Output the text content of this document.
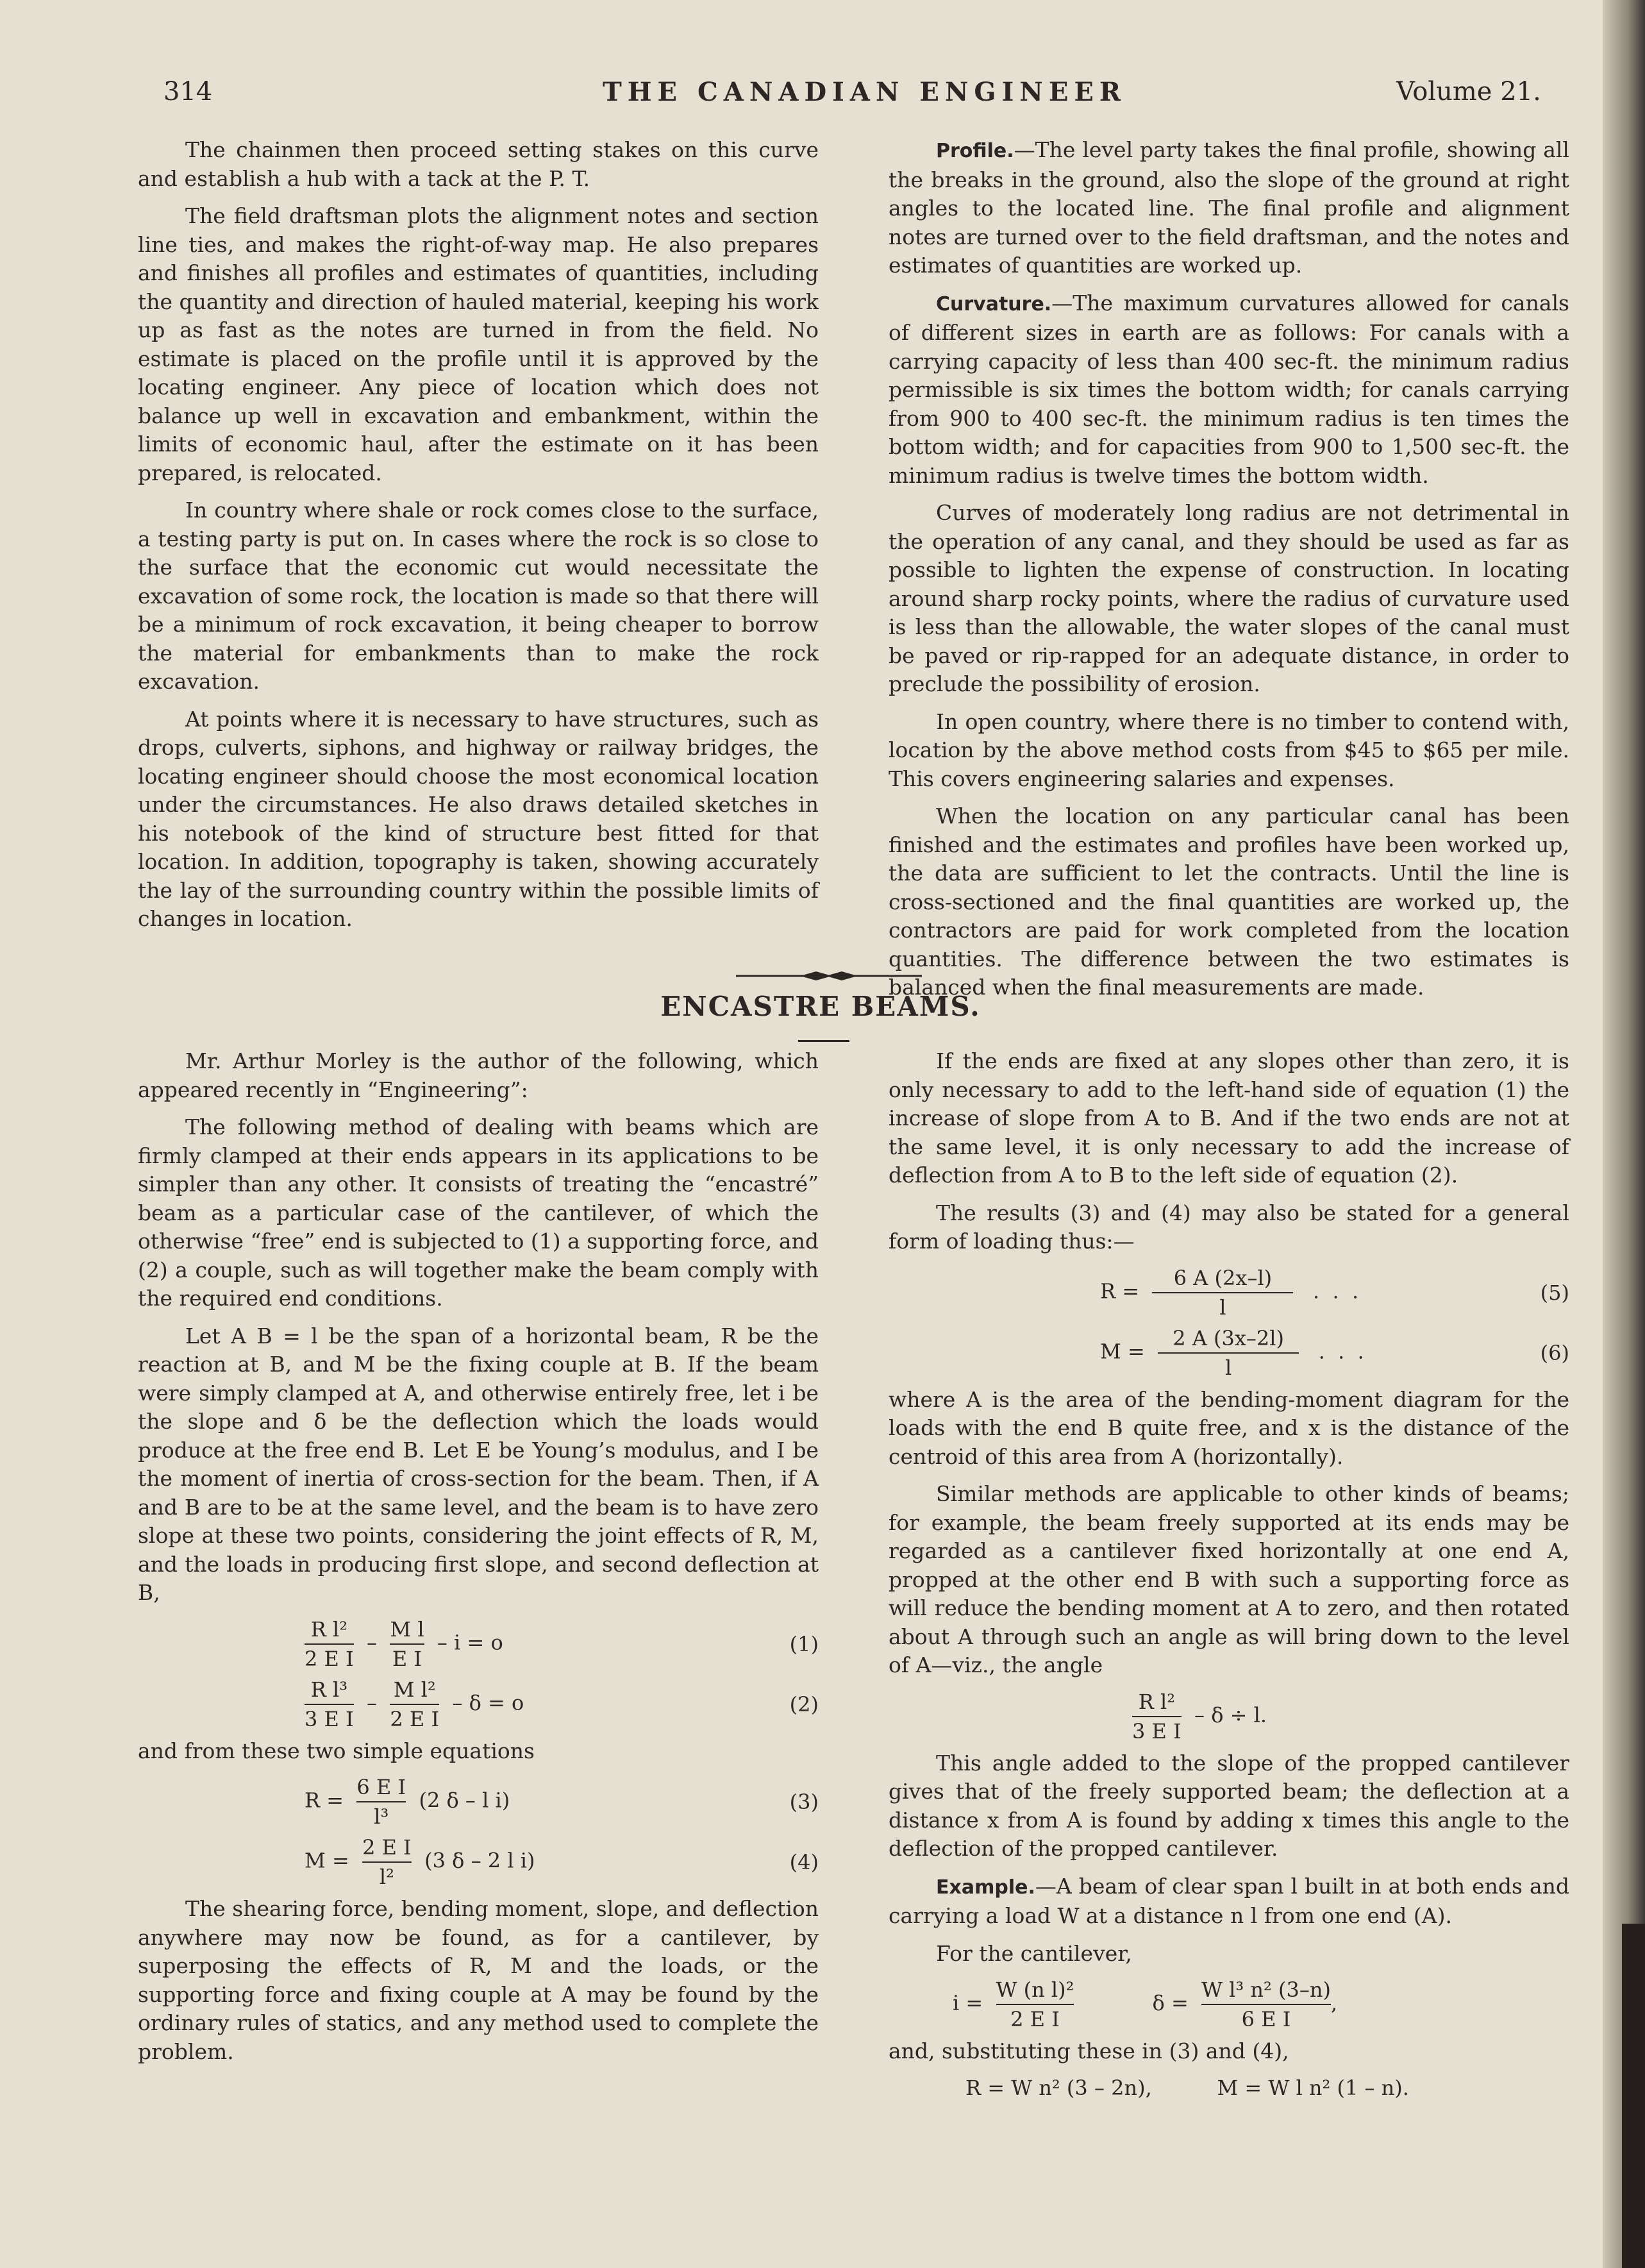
314	THE CANADIAN ENGINEER	Volume 21.

The chainmen then proceed setting stakes on this curve and establish a hub with a tack at the P. T.

The field draftsman plots the alignment notes and section line ties, and makes the right-of-way map. He also prepares and finishes all profiles and estimates of quantities, including the quantity and direction of hauled material, keeping his work up as fast as the notes are turned in from the field. No estimate is placed on the profile until it is approved by the locating engineer. Any piece of location which does not balance up well in excavation and embankment, within the limits of economic haul, after the estimate on it has been prepared, is relocated.

In country where shale or rock comes close to the surface, a testing party is put on. In cases where the rock is so close to the surface that the economic cut would necessitate the excavation of some rock, the location is made so that there will be a minimum of rock excavation, it being cheaper to borrow the material for embankments than to make the rock excavation.

At points where it is necessary to have structures, such as drops, culverts, siphons, and highway or railway bridges, the locating engineer should choose the most economical location under the circumstances. He also draws detailed sketches in his notebook of the kind of structure best fitted for that location. In addition, topography is taken, showing accurately the lay of the surrounding country within the possible limits of changes in location.

Profile.—The level party takes the final profile, showing all the breaks in the ground, also the slope of the ground at right angles to the located line. The final profile and alignment notes are turned over to the field draftsman, and the notes and estimates of quantities are worked up.

Curvature.—The maximum curvatures allowed for canals of different sizes in earth are as follows: For canals with a carrying capacity of less than 400 sec-ft. the minimum radius permissible is six times the bottom width; for canals carrying from 900 to 400 sec-ft. the minimum radius is ten times the bottom width; and for capacities from 900 to 1,500 sec-ft. the minimum radius is twelve times the bottom width.

Curves of moderately long radius are not detrimental in the operation of any canal, and they should be used as far as possible to lighten the expense of construction. In locating around sharp rocky points, where the radius of curvature used is less than the allowable, the water slopes of the canal must be paved or rip-rapped for an adequate distance, in order to preclude the possibility of erosion.

In open country, where there is no timber to contend with, location by the above method costs from $45 to $65 per mile. This covers engineering salaries and expenses.

When the location on any particular canal has been finished and the estimates and profiles have been worked up, the data are sufficient to let the contracts. Until the line is cross-sectioned and the final quantities are worked up, the contractors are paid for work completed from the location quantities. The difference between the two estimates is balanced when the final measurements are made.

ENCASTRE BEAMS.

Mr. Arthur Morley is the author of the following, which appeared recently in “Engineering”:

The following method of dealing with beams which are firmly clamped at their ends appears in its applications to be simpler than any other. It consists of treating the “encastré” beam as a particular case of the cantilever, of which the otherwise “free” end is subjected to (1) a supporting force, and (2) a couple, such as will together make the beam comply with the required end conditions.

Let A B = l be the span of a horizontal beam, R be the reaction at B, and M be the fixing couple at B. If the beam were simply clamped at A, and otherwise entirely free, let i be the slope and δ be the deflection which the loads would produce at the free end B. Let E be Young’s modulus, and I be the moment of inertia of cross-section for the beam. Then, if A and B are to be at the same level, and the beam is to have zero slope at these two points, considering the joint effects of R, M, and the loads in producing first slope, and second deflection at B,

$\frac{\text{R l²}}{\text{2 E I}} - \frac{\text{M l}}{\text{E I}} - i = o$	(1)
$\frac{\text{R l³}}{\text{3 E I}} - \frac{\text{M l²}}{\text{2 E I}} - \delta = o$	(2)

and from these two simple equations

$R = \frac{\text{6 E I}}{\text{l³}} (2$ δ – l i)	(3)
$M = \frac{\text{2 E I}}{\text{l²}} (3$ δ – 2 l i)	(4)

The shearing force, bending moment, slope, and deflection anywhere may now be found, as for a cantilever, by superposing the effects of R, M and the loads, or the supporting force and fixing couple at A may be found by the ordinary rules of statics, and any method used to complete the problem.

If the ends are fixed at any slopes other than zero, it is only necessary to add to the left-hand side of equation (1) the increase of slope from A to B. And if the two ends are not at the same level, it is only necessary to add the increase of deflection from A to B to the left side of equation (2).

The results (3) and (4) may also be stated for a general form of loading thus:—

$R = \frac{6 A (2x-l)}{l}$ .  .  .	(5)
$M = \frac{2 A (3x-2l)}{l}$ .  .  .	(6)

where A is the area of the bending-moment diagram for the loads with the end B quite free, and x is the distance of the centroid of this area from A (horizontally).

Similar methods are applicable to other kinds of beams; for example, the beam freely supported at its ends may be regarded as a cantilever fixed horizontally at one end A, propped at the other end B with such a supporting force as will reduce the bending moment at A to zero, and then rotated about A through such an angle as will bring down to the level of A—viz., the angle

$\frac{\text{R l²}}{\text{3 E I}} - \delta \div l$.

This angle added to the slope of the propped cantilever gives that of the freely supported beam; the deflection at a distance x from A is found by adding x times this angle to the deflection of the propped cantilever.

Example.—A beam of clear span l built in at both ends and carrying a load W at a distance n l from one end (A).

For the cantilever,

$i = \frac{\text{W (n l)²}}{\text{2 E I}}$	$\delta = \frac{\text{W l³ n² (3–n)}}{\text{6 E I}}$ ,

and, substituting these in (3) and (4),

R = W n² (3 – 2n),	M = W l n² (1 – n).
